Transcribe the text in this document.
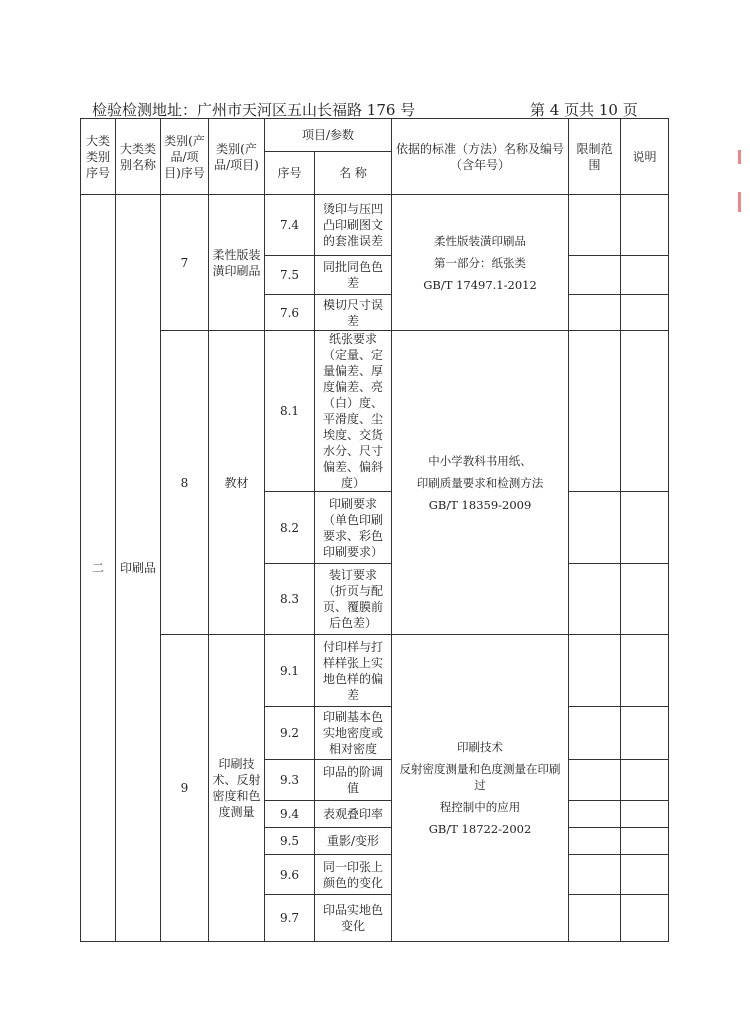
检验检测地址：广州市天河区五山长福路 176 号	第 4 页共 10 页
大类类别序号	大类类别名称	类别(产品/项目)序号	类别(产品/项目)	项目/参数		依据的标准（方法）名称及编号（含年号）	限制范围	说明
				序号	名 称			
二	印刷品	7	柔性版装潢印刷品	7.4	烫印与压凹凸印刷图文的套准误差	柔性版装潢印刷品
第一部分：纸张类
GB/T 17497.1-2012		

				7.5	同批同色色差			
				7.6	模切尺寸误差			
		8	教材	8.1	纸张要求（定量、定量偏差、厚度偏差、亮（白）度、平滑度、尘埃度、交货水分、尺寸偏差、偏斜度）	中小学教科书用纸、
印刷质量要求和检测方法
GB/T 18359-2009		

				8.2	印刷要求（单色印刷要求、彩色印刷要求）			
				8.3	装订要求（折页与配页、覆膜前后色差）			
		9	印刷技术、反射密度和色度测量	9.1	付印样与打样样张上实地色样的偏差	印刷技术
反射密度测量和色度测量在印刷过
程控制中的应用
GB/T 18722-2002		

				9.2	印刷基本色实地密度或相对密度			
				9.3	印品的阶调值			
				9.4	表观叠印率			
				9.5	重影/变形			
				9.6	同一印张上颜色的变化			
				9.7	印品实地色变化			
